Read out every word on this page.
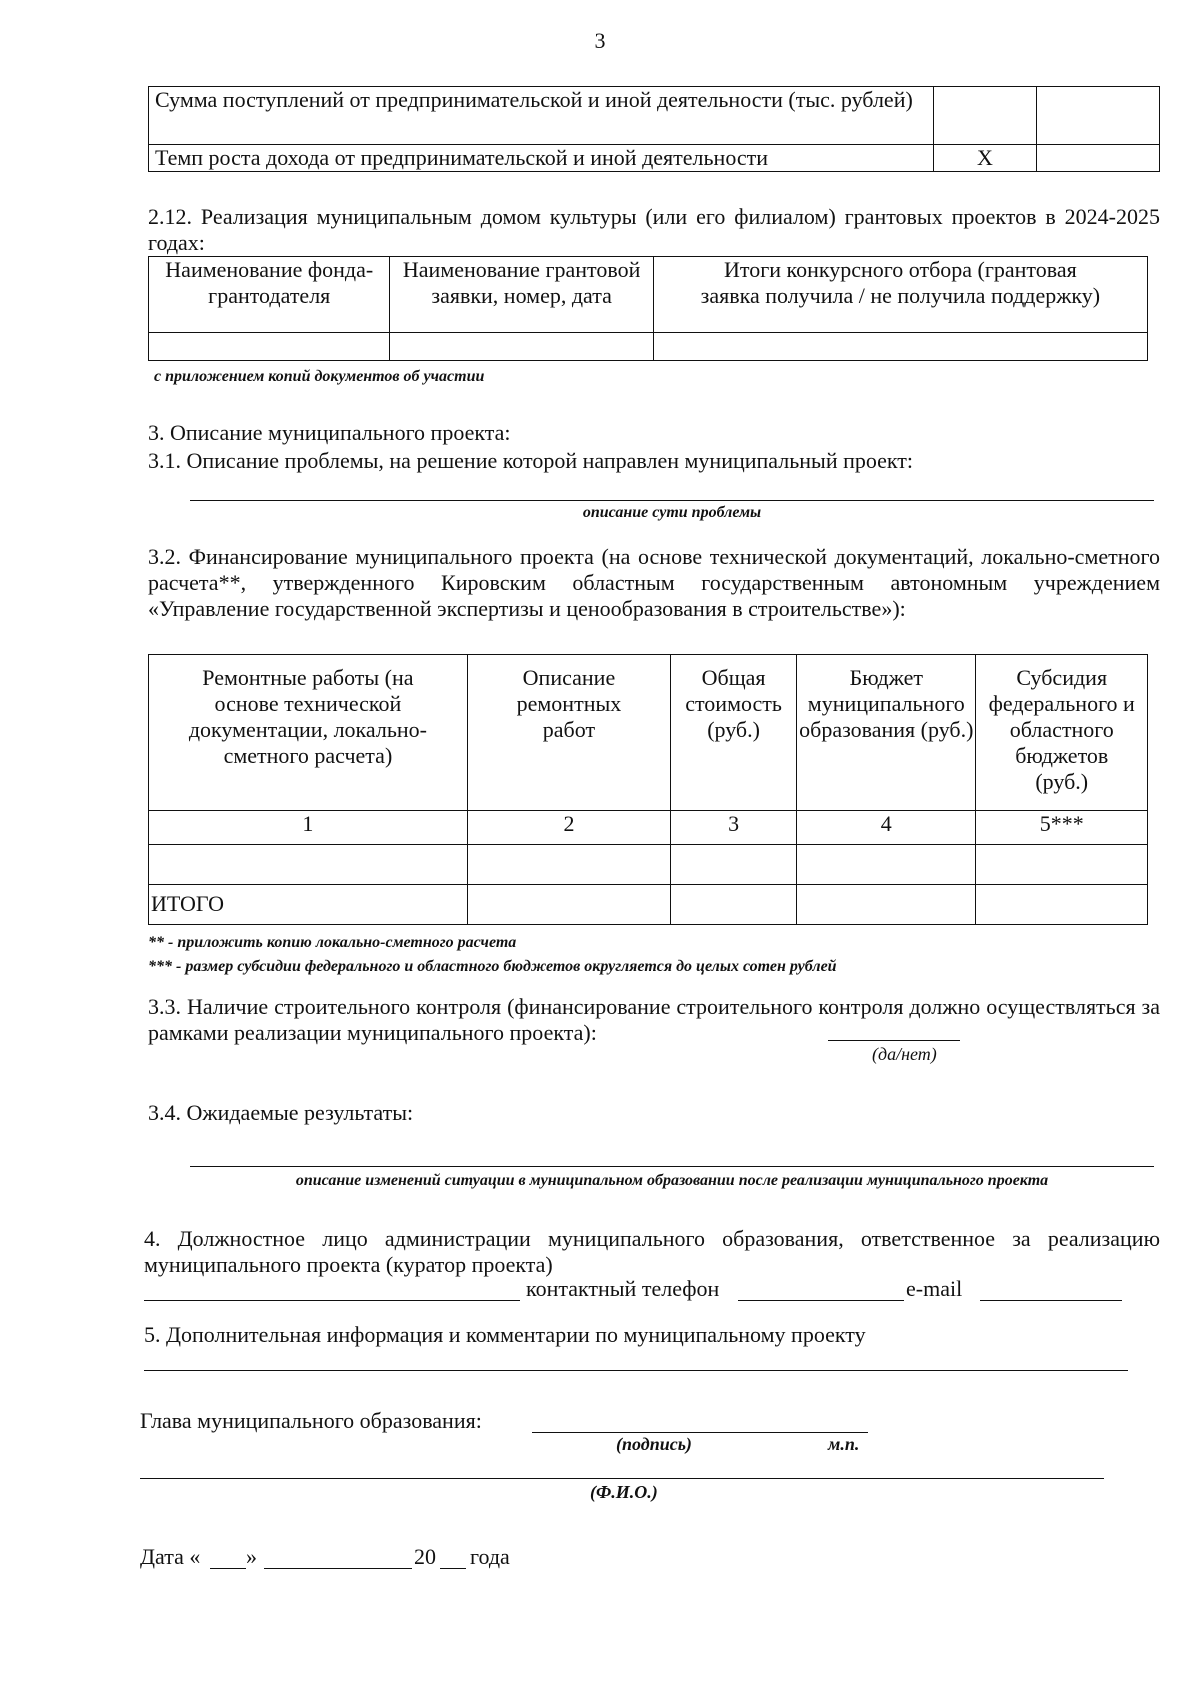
3
Сумма поступлений от предпринимательской и иной деятельности (тыс. рублей)		
Темп роста дохода от предпринимательской и иной деятельности	X	
2.12. Реализация муниципальным домом культуры (или его филиалом) грантовых проектов в 2024-2025 годах:
Наименование фонда-грантодателя	Наименование грантовой заявки, номер, дата	Итоги конкурсного отбора (грантовая заявка получила / не получила поддержку)

с приложением копий документов об участии
3. Описание муниципального проекта:
3.1. Описание проблемы, на решение которой направлен муниципальный проект:
описание сути проблемы
3.2. Финансирование муниципального проекта (на основе технической документаций, локально-сметного расчета**, утвержденного Кировским областным государственным автономным учреждением «Управление государственной экспертизы и ценообразования в строительстве»):
Ремонтные работы (на основе технической документации, локально-сметного расчета)	Описание ремонтных работ	Общая стоимость (руб.)	Бюджет муниципального образования (руб.)	Субсидия федерального и областного бюджетов (руб.)
1	2	3	4	5***

ИТОГО				
** - приложить копию локально-сметного расчета
*** - размер субсидии федерального и областного бюджетов округляется до целых сотен рублей
3.3. Наличие строительного контроля (финансирование строительного контроля должно осуществляться за рамками реализации муниципального проекта):
(да/нет)
3.4. Ожидаемые результаты:
описание изменений ситуации в муниципальном образовании после реализации муниципального проекта
4. Должностное лицо администрации муниципального образования, ответственное за реализацию муниципального проекта (куратор проекта)
контактный телефон	e-mail
5. Дополнительная информация и комментарии по муниципальному проекту
Глава муниципального образования:
(подпись)	м.п.
(Ф.И.О.)
Дата « »	20 года
